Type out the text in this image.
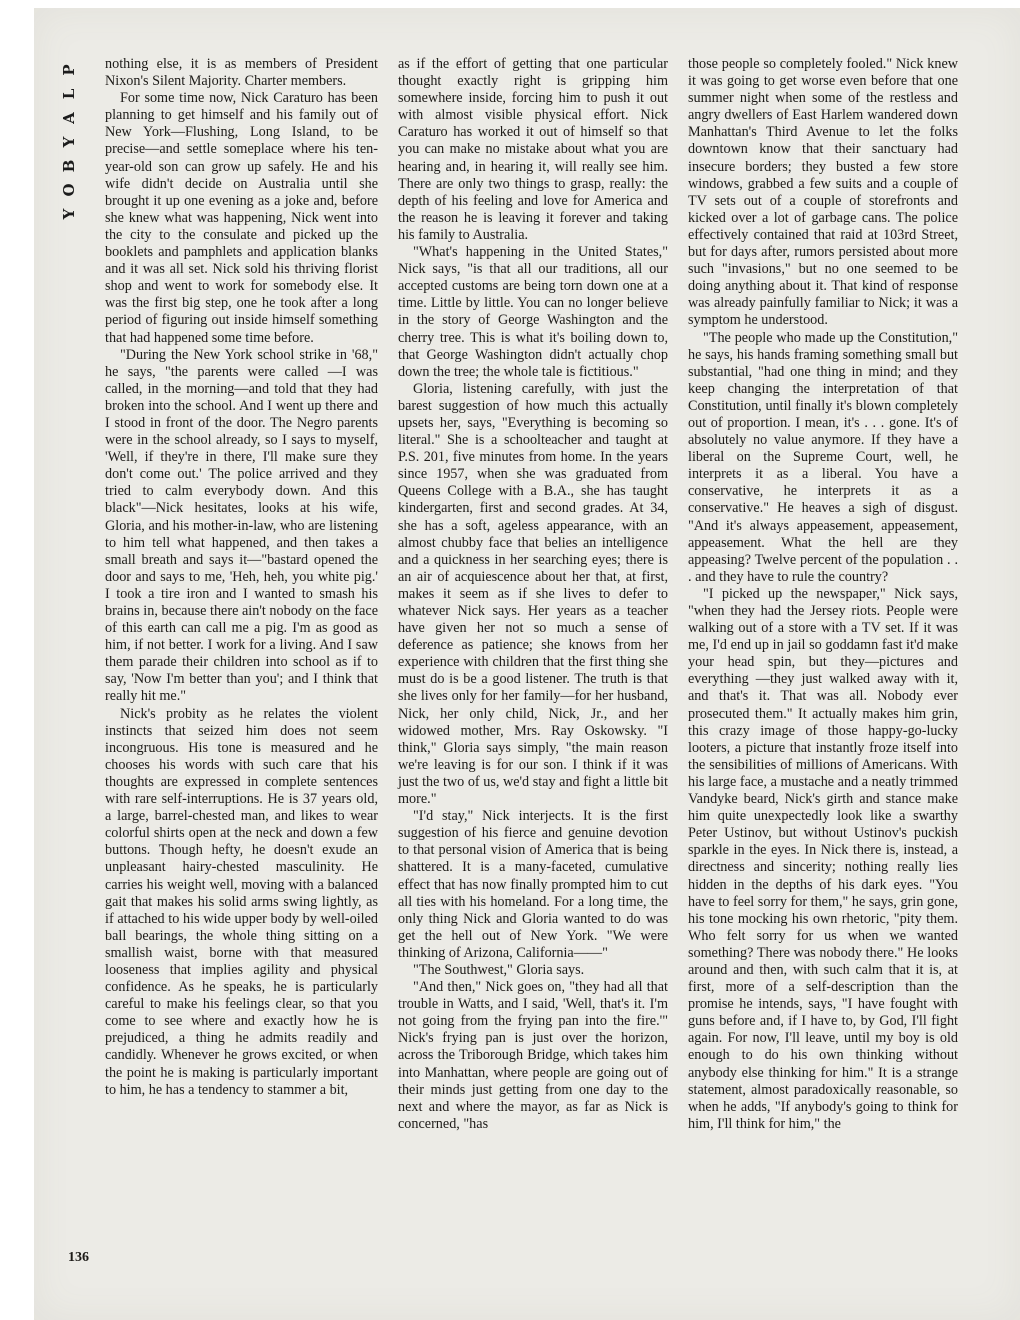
P
L
A
Y
B
O
Y

nothing else, it is as members of President Nixon's Silent Majority. Charter members.

For some time now, Nick Caraturo has been planning to get himself and his family out of New York—Flushing, Long Island, to be precise—and settle someplace where his ten-year-old son can grow up safely. He and his wife didn't decide on Australia until she brought it up one evening as a joke and, before she knew what was happening, Nick went into the city to the consulate and picked up the booklets and pamphlets and application blanks and it was all set. Nick sold his thriving florist shop and went to work for somebody else. It was the first big step, one he took after a long period of figuring out inside himself something that had happened some time before.

"During the New York school strike in '68," he says, "the parents were called —I was called, in the morning—and told that they had broken into the school. And I went up there and I stood in front of the door. The Negro parents were in the school already, so I says to myself, 'Well, if they're in there, I'll make sure they don't come out.' The police arrived and they tried to calm everybody down. And this black"—Nick hesitates, looks at his wife, Gloria, and his mother-in-law, who are listening to him tell what happened, and then takes a small breath and says it—"bastard opened the door and says to me, 'Heh, heh, you white pig.' I took a tire iron and I wanted to smash his brains in, because there ain't nobody on the face of this earth can call me a pig. I'm as good as him, if not better. I work for a living. And I saw them parade their children into school as if to say, 'Now I'm better than you'; and I think that really hit me."

Nick's probity as he relates the violent instincts that seized him does not seem incongruous. His tone is measured and he chooses his words with such care that his thoughts are expressed in complete sentences with rare self-interruptions. He is 37 years old, a large, barrel-chested man, and likes to wear colorful shirts open at the neck and down a few buttons. Though hefty, he doesn't exude an unpleasant hairy-chested masculinity. He carries his weight well, moving with a balanced gait that makes his solid arms swing lightly, as if attached to his wide upper body by well-oiled ball bearings, the whole thing sitting on a smallish waist, borne with that measured looseness that implies agility and physical confidence. As he speaks, he is particularly careful to make his feelings clear, so that you come to see where and exactly how he is prejudiced, a thing he admits readily and candidly. Whenever he grows excited, or when the point he is making is particularly important to him, he has a tendency to stammer a bit,

as if the effort of getting that one particular thought exactly right is gripping him somewhere inside, forcing him to push it out with almost visible physical effort. Nick Caraturo has worked it out of himself so that you can make no mistake about what you are hearing and, in hearing it, will really see him. There are only two things to grasp, really: the depth of his feeling and love for America and the reason he is leaving it forever and taking his family to Australia.

"What's happening in the United States," Nick says, "is that all our traditions, all our accepted customs are being torn down one at a time. Little by little. You can no longer believe in the story of George Washington and the cherry tree. This is what it's boiling down to, that George Washington didn't actually chop down the tree; the whole tale is fictitious."

Gloria, listening carefully, with just the barest suggestion of how much this actually upsets her, says, "Everything is becoming so literal." She is a schoolteacher and taught at P.S. 201, five minutes from home. In the years since 1957, when she was graduated from Queens College with a B.A., she has taught kindergarten, first and second grades. At 34, she has a soft, ageless appearance, with an almost chubby face that belies an intelligence and a quickness in her searching eyes; there is an air of acquiescence about her that, at first, makes it seem as if she lives to defer to whatever Nick says. Her years as a teacher have given her not so much a sense of deference as patience; she knows from her experience with children that the first thing she must do is be a good listener. The truth is that she lives only for her family—for her husband, Nick, her only child, Nick, Jr., and her widowed mother, Mrs. Ray Oskowsky. "I think," Gloria says simply, "the main reason we're leaving is for our son. I think if it was just the two of us, we'd stay and fight a little bit more."

"I'd stay," Nick interjects. It is the first suggestion of his fierce and genuine devotion to that personal vision of America that is being shattered. It is a many-faceted, cumulative effect that has now finally prompted him to cut all ties with his homeland. For a long time, the only thing Nick and Gloria wanted to do was get the hell out of New York. "We were thinking of Arizona, California——"

"The Southwest," Gloria says.

"And then," Nick goes on, "they had all that trouble in Watts, and I said, 'Well, that's it. I'm not going from the frying pan into the fire.'" Nick's frying pan is just over the horizon, across the Triborough Bridge, which takes him into Manhattan, where people are going out of their minds just getting from one day to the next and where the mayor, as far as Nick is concerned, "has

those people so completely fooled." Nick knew it was going to get worse even before that one summer night when some of the restless and angry dwellers of East Harlem wandered down Manhattan's Third Avenue to let the folks downtown know that their sanctuary had insecure borders; they busted a few store windows, grabbed a few suits and a couple of TV sets out of a couple of storefronts and kicked over a lot of garbage cans. The police effectively contained that raid at 103rd Street, but for days after, rumors persisted about more such "invasions," but no one seemed to be doing anything about it. That kind of response was already painfully familiar to Nick; it was a symptom he understood.

"The people who made up the Constitution," he says, his hands framing something small but substantial, "had one thing in mind; and they keep changing the interpretation of that Constitution, until finally it's blown completely out of proportion. I mean, it's . . . gone. It's of absolutely no value anymore. If they have a liberal on the Supreme Court, well, he interprets it as a liberal. You have a conservative, he interprets it as a conservative." He heaves a sigh of disgust. "And it's always appeasement, appeasement, appeasement. What the hell are they appeasing? Twelve percent of the population . . . and they have to rule the country?

"I picked up the newspaper," Nick says, "when they had the Jersey riots. People were walking out of a store with a TV set. If it was me, I'd end up in jail so goddamn fast it'd make your head spin, but they—pictures and everything —they just walked away with it, and that's it. That was all. Nobody ever prosecuted them." It actually makes him grin, this crazy image of those happy-go-lucky looters, a picture that instantly froze itself into the sensibilities of millions of Americans. With his large face, a mustache and a neatly trimmed Vandyke beard, Nick's girth and stance make him quite unexpectedly look like a swarthy Peter Ustinov, but without Ustinov's puckish sparkle in the eyes. In Nick there is, instead, a directness and sincerity; nothing really lies hidden in the depths of his dark eyes. "You have to feel sorry for them," he says, grin gone, his tone mocking his own rhetoric, "pity them. Who felt sorry for us when we wanted something? There was nobody there." He looks around and then, with such calm that it is, at first, more of a self-description than the promise he intends, says, "I have fought with guns before and, if I have to, by God, I'll fight again. For now, I'll leave, until my boy is old enough to do his own thinking without anybody else thinking for him." It is a strange statement, almost paradoxically reasonable, so when he adds, "If anybody's going to think for him, I'll think for him," the

136
